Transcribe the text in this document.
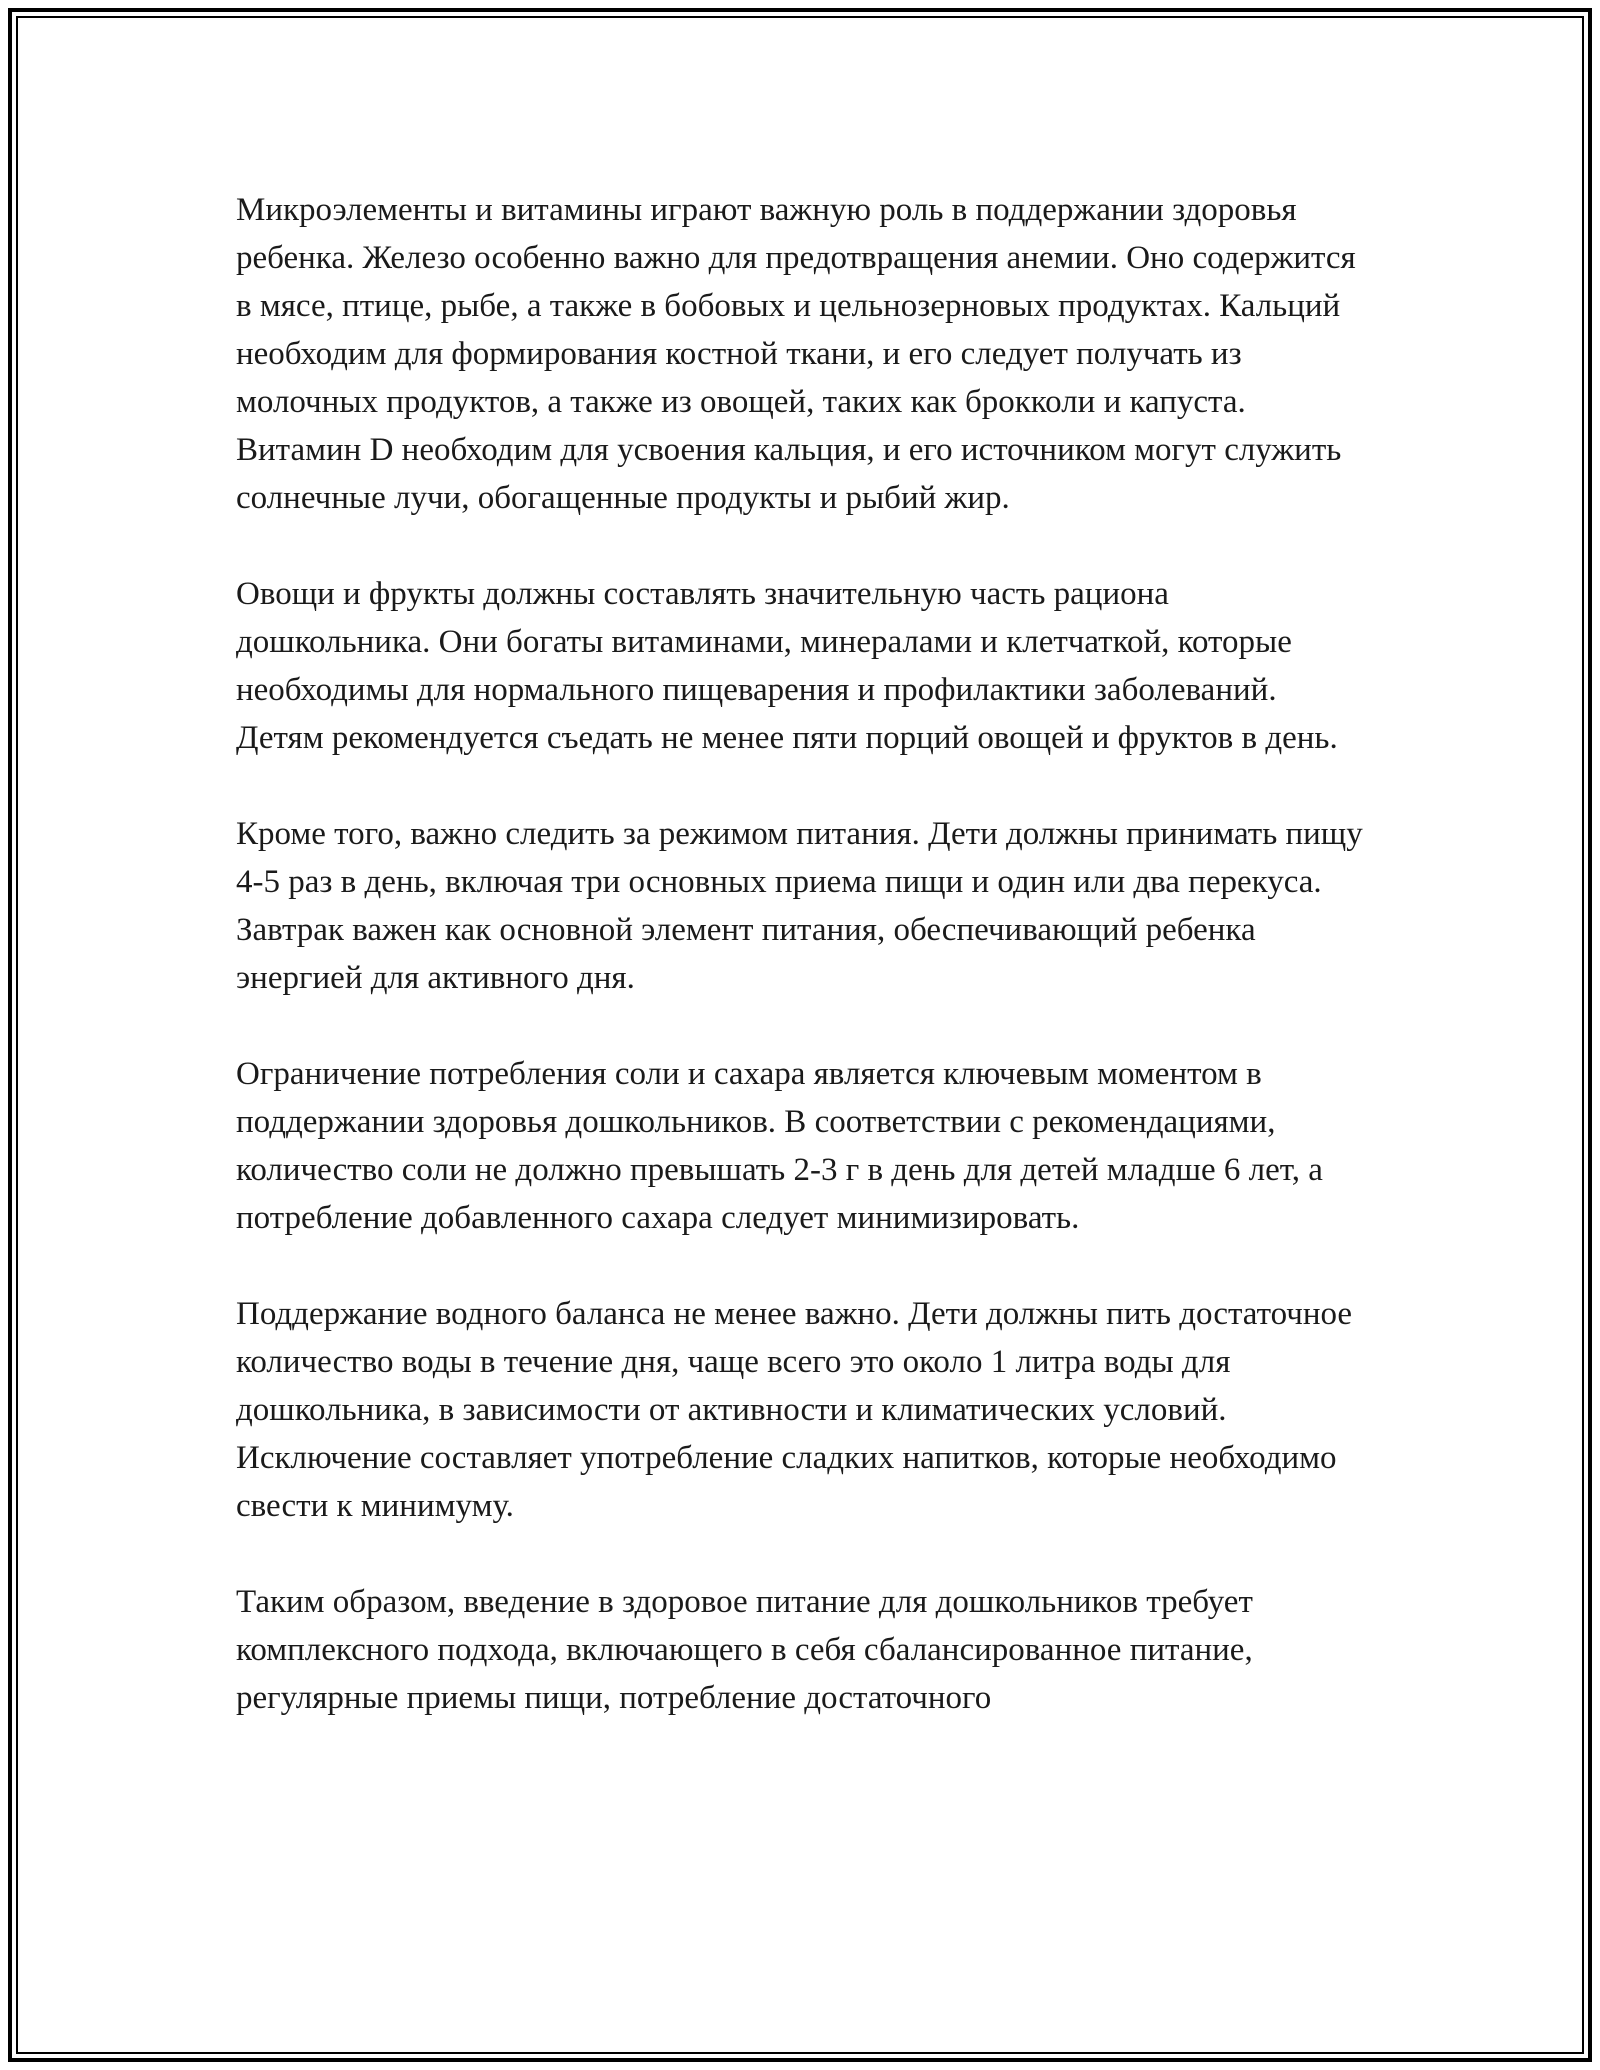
Микроэлементы и витамины играют важную роль в поддержании здоровья ребенка. Железо особенно важно для предотвращения анемии. Оно содержится в мясе, птице, рыбе, а также в бобовых и цельнозерновых продуктах. Кальций необходим для формирования костной ткани, и его следует получать из молочных продуктов, а также из овощей, таких как брокколи и капуста. Витамин D необходим для усвоения кальция, и его источником могут служить солнечные лучи, обогащенные продукты и рыбий жир.

Овощи и фрукты должны составлять значительную часть рациона дошкольника. Они богаты витаминами, минералами и клетчаткой, которые необходимы для нормального пищеварения и профилактики заболеваний. Детям рекомендуется съедать не менее пяти порций овощей и фруктов в день.

Кроме того, важно следить за режимом питания. Дети должны принимать пищу 4-5 раз в день, включая три основных приема пищи и один или два перекуса. Завтрак важен как основной элемент питания, обеспечивающий ребенка энергией для активного дня.

Ограничение потребления соли и сахара является ключевым моментом в поддержании здоровья дошкольников. В соответствии с рекомендациями, количество соли не должно превышать 2-3 г в день для детей младше 6 лет, а потребление добавленного сахара следует минимизировать.

Поддержание водного баланса не менее важно. Дети должны пить достаточное количество воды в течение дня, чаще всего это около 1 литра воды для дошкольника, в зависимости от активности и климатических условий. Исключение составляет употребление сладких напитков, которые необходимо свести к минимуму.

Таким образом, введение в здоровое питание для дошкольников требует комплексного подхода, включающего в себя сбалансированное питание, регулярные приемы пищи, потребление достаточного
